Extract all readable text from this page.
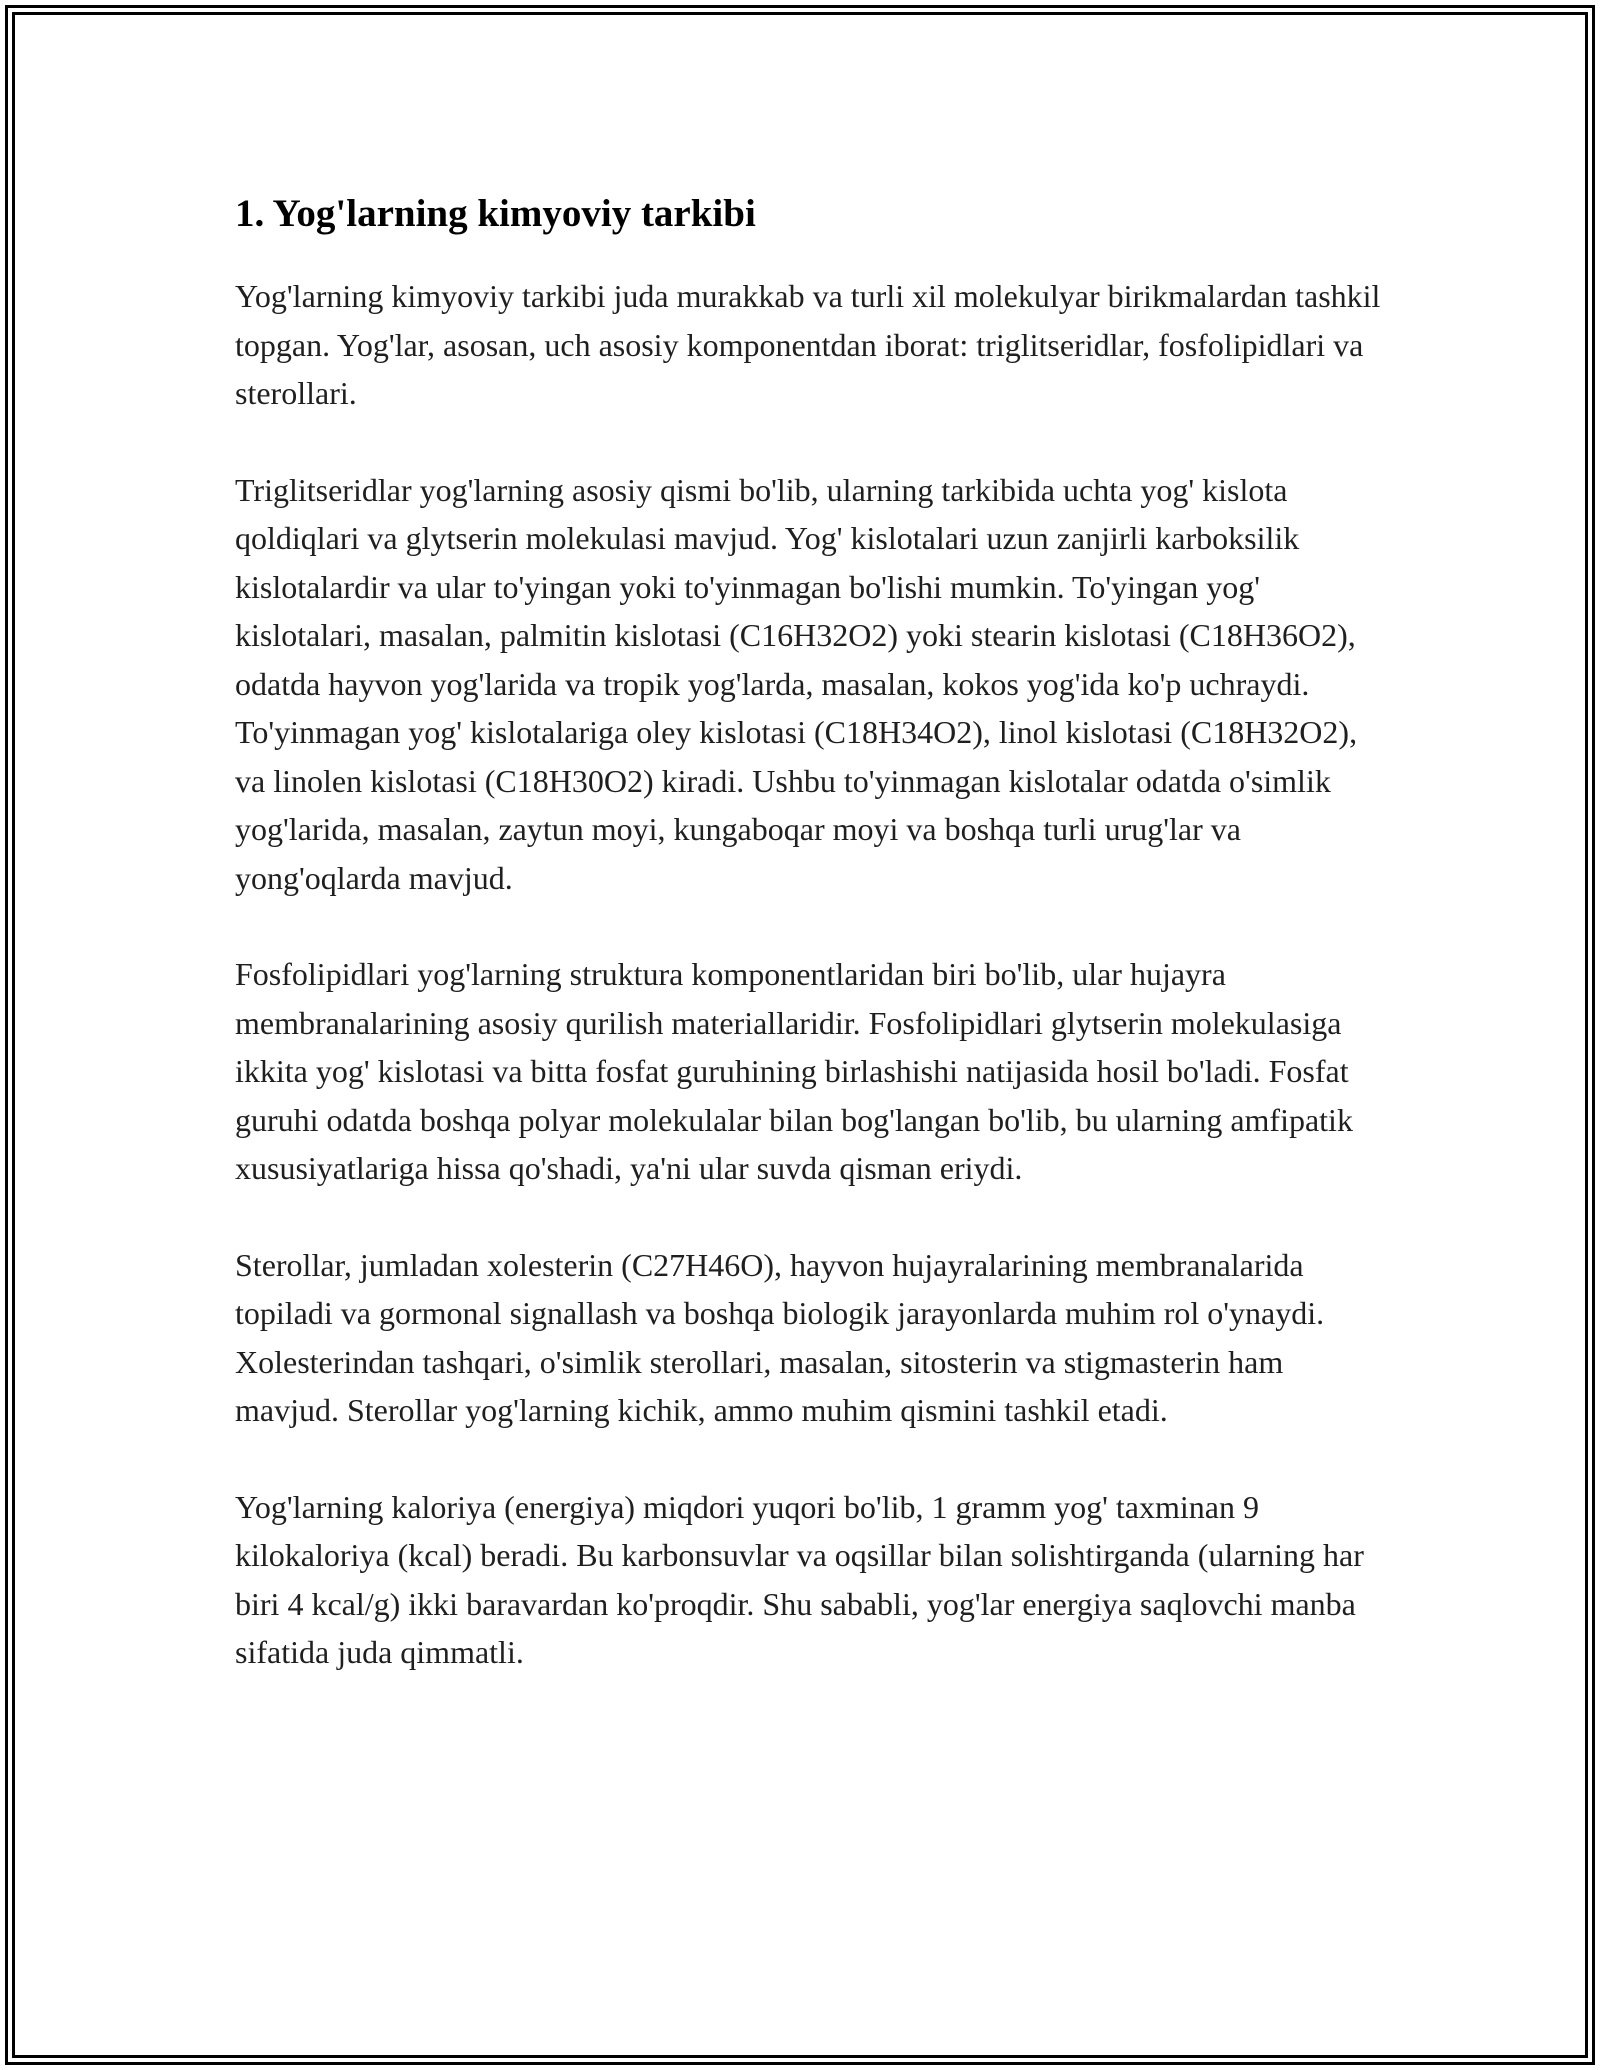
1. Yog'larning kimyoviy tarkibi

Yog'larning kimyoviy tarkibi juda murakkab va turli xil molekulyar birikmalardan tashkil topgan. Yog'lar, asosan, uch asosiy komponentdan iborat: triglitseridlar, fosfolipidlari va sterollari.

Triglitseridlar yog'larning asosiy qismi bo'lib, ularning tarkibida uchta yog' kislota qoldiqlari va glytserin molekulasi mavjud. Yog' kislotalari uzun zanjirli karboksilik kislotalardir va ular to'yingan yoki to'yinmagan bo'lishi mumkin. To'yingan yog' kislotalari, masalan, palmitin kislotasi (C16H32O2) yoki stearin kislotasi (C18H36O2), odatda hayvon yog'larida va tropik yog'larda, masalan, kokos yog'ida ko'p uchraydi. To'yinmagan yog' kislotalariga oley kislotasi (C18H34O2), linol kislotasi (C18H32O2), va linolen kislotasi (C18H30O2) kiradi. Ushbu to'yinmagan kislotalar odatda o'simlik yog'larida, masalan, zaytun moyi, kungaboqar moyi va boshqa turli urug'lar va yong'oqlarda mavjud.

Fosfolipidlari yog'larning struktura komponentlaridan biri bo'lib, ular hujayra membranalarining asosiy qurilish materiallaridir. Fosfolipidlari glytserin molekulasiga ikkita yog' kislotasi va bitta fosfat guruhining birlashishi natijasida hosil bo'ladi. Fosfat guruhi odatda boshqa polyar molekulalar bilan bog'langan bo'lib, bu ularning amfipatik xususiyatlariga hissa qo'shadi, ya'ni ular suvda qisman eriydi.

Sterollar, jumladan xolesterin (C27H46O), hayvon hujayralarining membranalarida topiladi va gormonal signallash va boshqa biologik jarayonlarda muhim rol o'ynaydi. Xolesterindan tashqari, o'simlik sterollari, masalan, sitosterin va stigmasterin ham mavjud. Sterollar yog'larning kichik, ammo muhim qismini tashkil etadi.

Yog'larning kaloriya (energiya) miqdori yuqori bo'lib, 1 gramm yog' taxminan 9 kilokaloriya (kcal) beradi. Bu karbonsuvlar va oqsillar bilan solishtirganda (ularning har biri 4 kcal/g) ikki baravardan ko'proqdir. Shu sababli, yog'lar energiya saqlovchi manba sifatida juda qimmatli.
